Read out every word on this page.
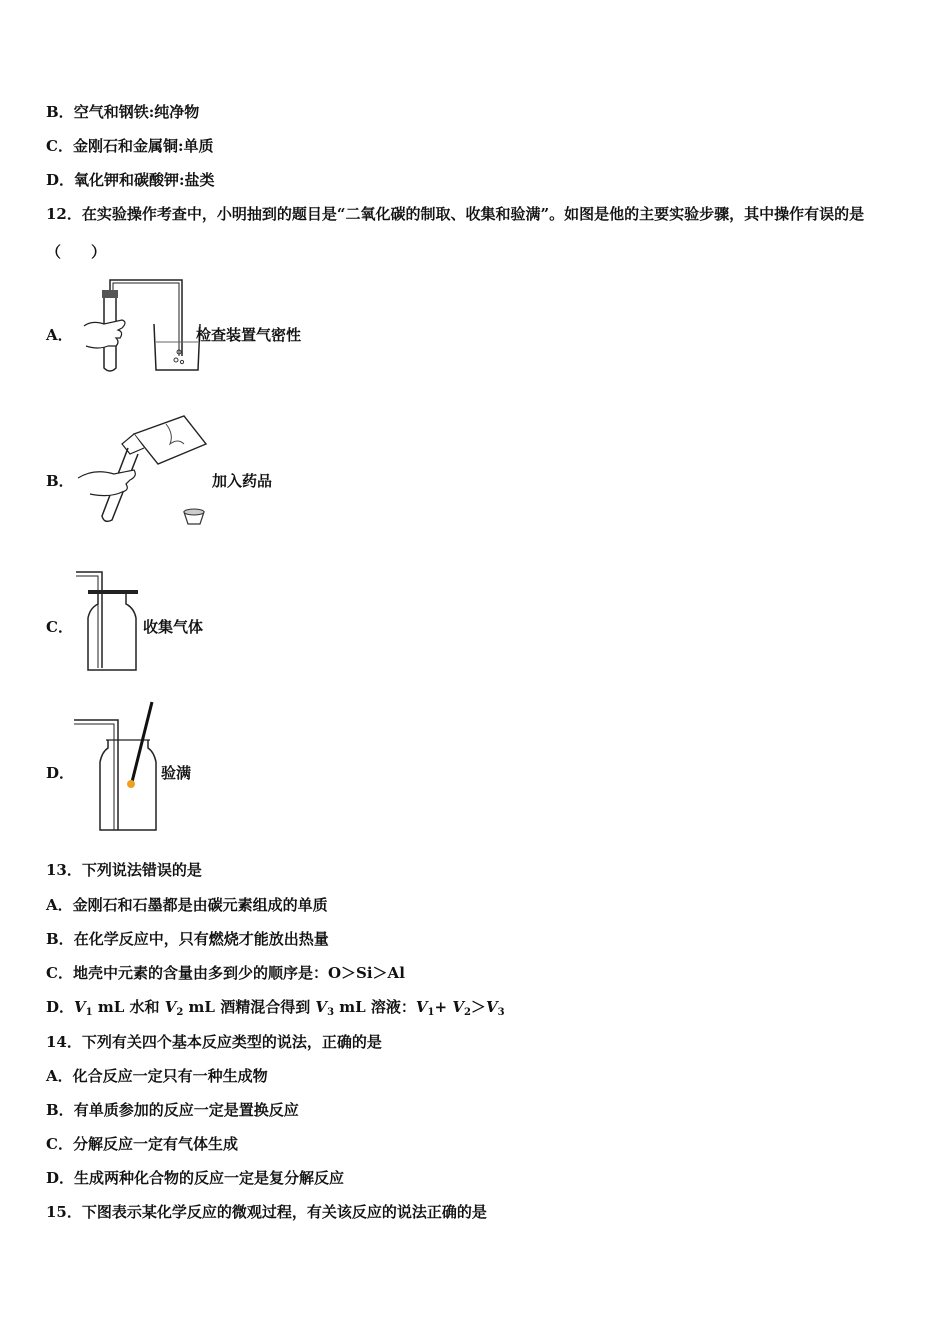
B．空气和钢铁:纯净物
C．金刚石和金属铜:单质
D．氧化钾和碳酸钾:盐类
12．在实验操作考查中，小明抽到的题目是“二氧化碳的制取、收集和验满”。如图是他的主要实验步骤，其中操作有误的是（　　）
A．	检查装置气密性
B．	加入药品
C．	收集气体
D．	验满
13．下列说法错误的是
A．金刚石和石墨都是由碳元素组成的单质
B．在化学反应中，只有燃烧才能放出热量
C．地壳中元素的含量由多到少的顺序是：O＞Si＞Al
D．$V_1$ mL 水和 $V_2$ mL 酒精混合得到 $V_3$ mL 溶液：$V_1+ V_2>V_3$
14．下列有关四个基本反应类型的说法，正确的是
A．化合反应一定只有一种生成物
B．有单质参加的反应一定是置换反应
C．分解反应一定有气体生成
D．生成两种化合物的反应一定是复分解反应
15．下图表示某化学反应的微观过程，有关该反应的说法正确的是
